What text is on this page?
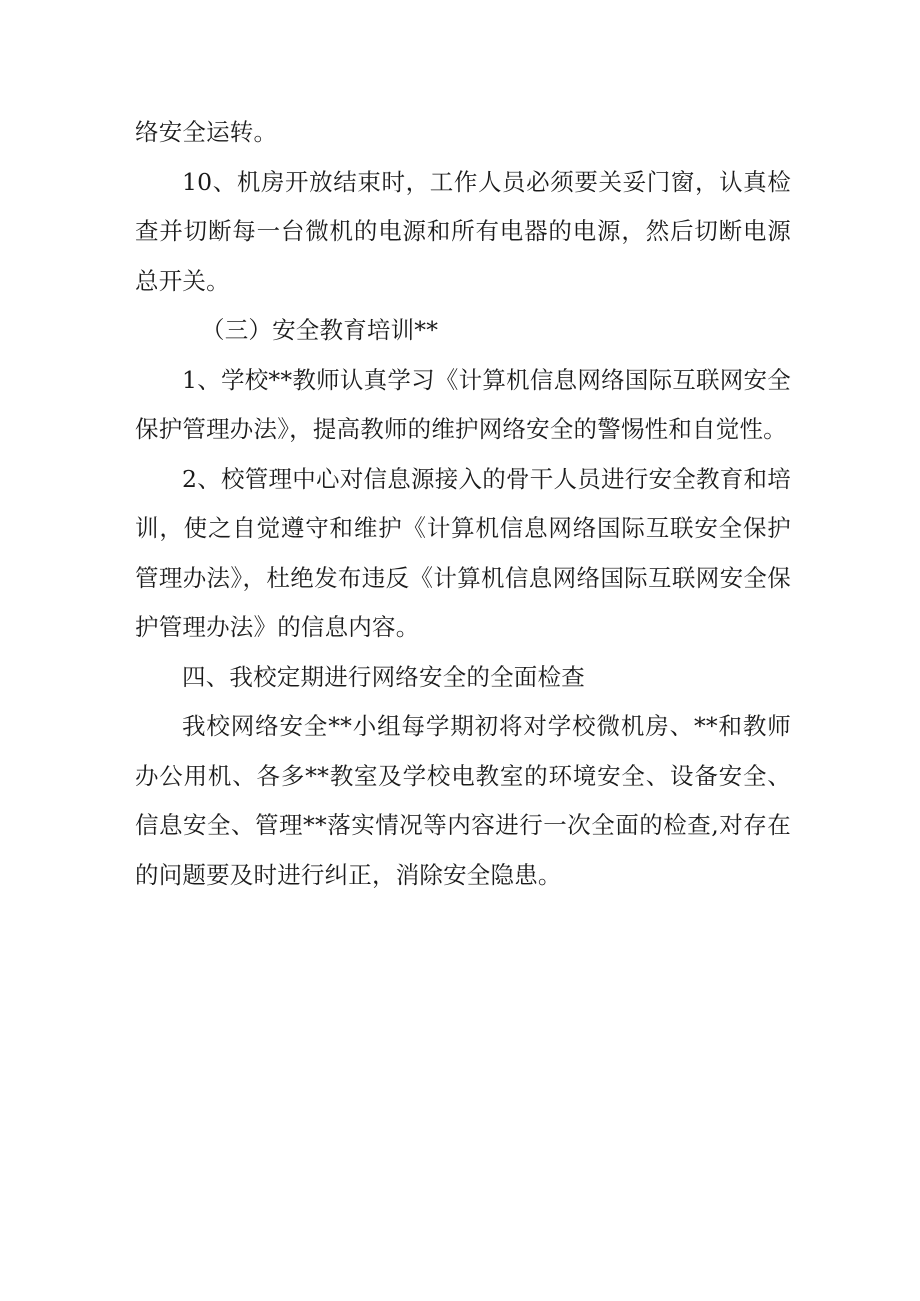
络安全运转。

10、机房开放结束时，工作人员必须要关妥门窗，认真检查并切断每一台微机的电源和所有电器的电源，然后切断电源总开关。

（三）安全教育培训**

1、学校**教师认真学习《计算机信息网络国际互联网安全保护管理办法》，提高教师的维护网络安全的警惕性和自觉性。

2、校管理中心对信息源接入的骨干人员进行安全教育和培训，使之自觉遵守和维护《计算机信息网络国际互联安全保护管理办法》，杜绝发布违反《计算机信息网络国际互联网安全保护管理办法》的信息内容。

四、我校定期进行网络安全的全面检查

我校网络安全**小组每学期初将对学校微机房、**和教师办公用机、各多**教室及学校电教室的环境安全、设备安全、信息安全、管理**落实情况等内容进行一次全面的检查,对存在的问题要及时进行纠正，消除安全隐患。
